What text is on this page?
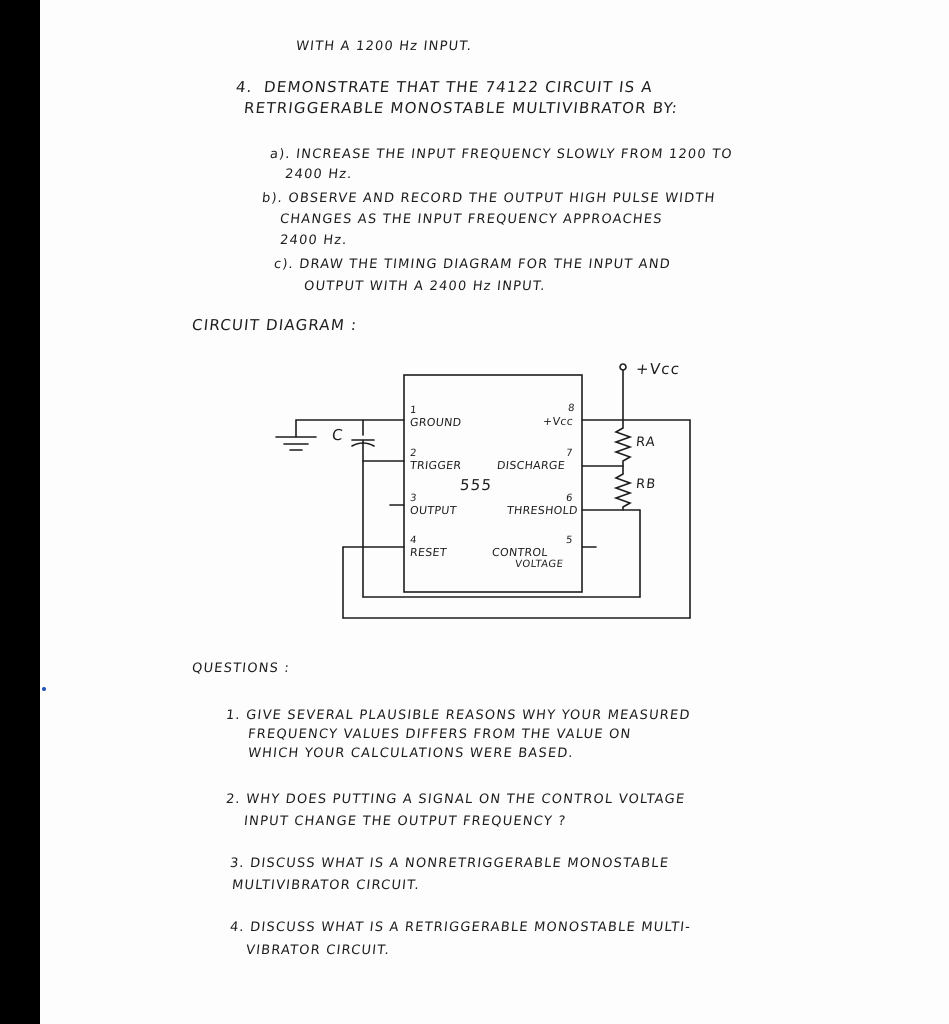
WITH A 1200 Hz INPUT.
4. DEMONSTRATE THAT THE 74122 CIRCUIT IS A
RETRIGGERABLE MONOSTABLE MULTIVIBRATOR BY:
a). INCREASE THE INPUT FREQUENCY SLOWLY FROM 1200 TO
2400 Hz.
b). OBSERVE AND RECORD THE OUTPUT HIGH PULSE WIDTH
CHANGES AS THE INPUT FREQUENCY APPROACHES
2400 Hz.
c). DRAW THE TIMING DIAGRAM FOR THE INPUT AND
OUTPUT WITH A 2400 Hz INPUT.
CIRCUIT DIAGRAM :
+Vcc
RA
RB
C
555
1
GROUND
2
TRIGGER
3
OUTPUT
4
RESET
8
+Vcc
7
DISCHARGE
6
THRESHOLD
5
CONTROL
VOLTAGE
QUESTIONS :
1. GIVE SEVERAL PLAUSIBLE REASONS WHY YOUR MEASURED
FREQUENCY VALUES DIFFERS FROM THE VALUE ON
WHICH YOUR CALCULATIONS WERE BASED.
2. WHY DOES PUTTING A SIGNAL ON THE CONTROL VOLTAGE
INPUT CHANGE THE OUTPUT FREQUENCY ?
3. DISCUSS WHAT IS A NONRETRIGGERABLE MONOSTABLE
MULTIVIBRATOR CIRCUIT.
4. DISCUSS WHAT IS A RETRIGGERABLE MONOSTABLE MULTI-
VIBRATOR CIRCUIT.
